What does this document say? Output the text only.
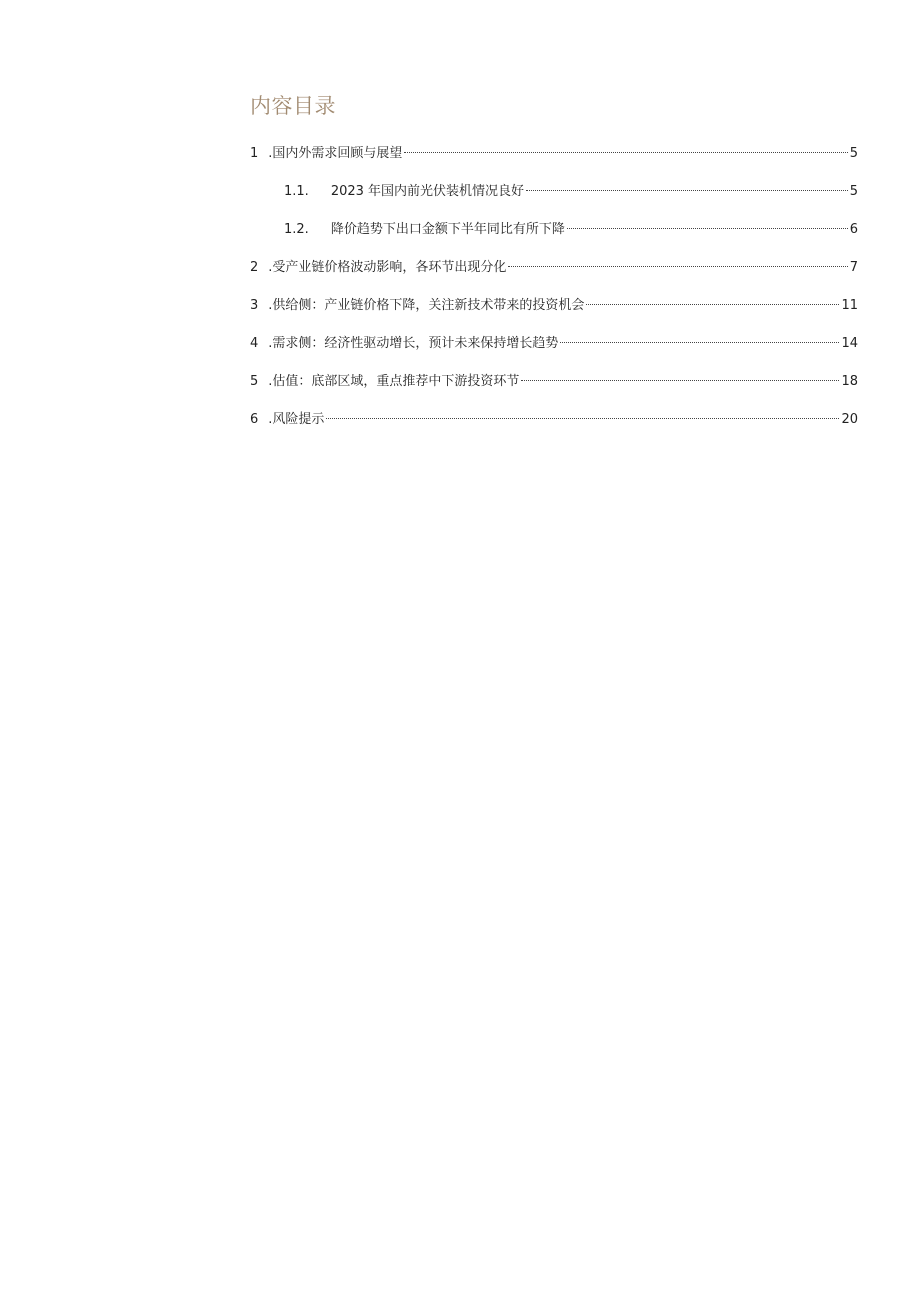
内容目录
1 .国内外需求回顾与展望	5
1.1. 2023 年国内前光伏装机情况良好	5
1.2. 降价趋势下出口金额下半年同比有所下降	6
2 .受产业链价格波动影响，各环节出现分化	7
3 .供给侧：产业链价格下降，关注新技术带来的投资机会	11
4 .需求侧：经济性驱动增长，预计未来保持增长趋势	14
5 .估值：底部区域，重点推荐中下游投资环节	18
6 .风险提示	20
